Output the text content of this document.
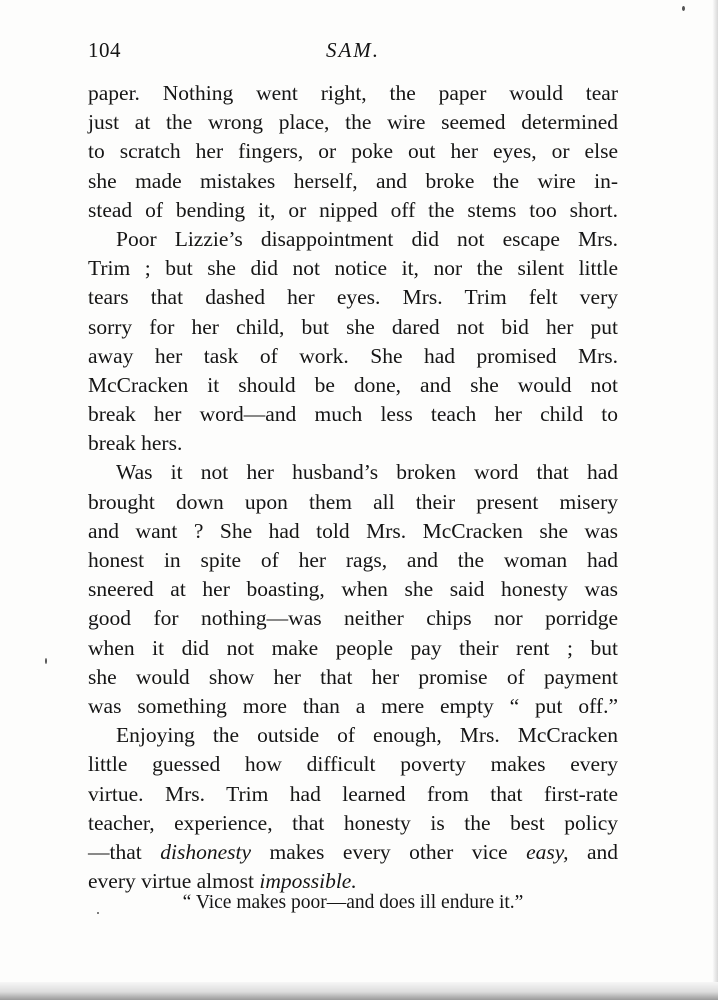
104	SAM.
paper. Nothing went right, the paper would tear
just at the wrong place, the wire seemed determined
to scratch her fingers, or poke out her eyes, or else
she made mistakes herself, and broke the wire in-
stead of bending it, or nipped off the stems too short.
Poor Lizzie’s disappointment did not escape Mrs.
Trim ; but she did not notice it, nor the silent little
tears that dashed her eyes. Mrs. Trim felt very
sorry for her child, but she dared not bid her put
away her task of work. She had promised Mrs.
McCracken it should be done, and she would not
break her word—and much less teach her child to
break hers.
Was it not her husband’s broken word that had
brought down upon them all their present misery
and want ? She had told Mrs. McCracken she was
honest in spite of her rags, and the woman had
sneered at her boasting, when she said honesty was
good for nothing—was neither chips nor porridge
when it did not make people pay their rent ; but
she would show her that her promise of payment
was something more than a mere empty “ put off.”
Enjoying the outside of enough, Mrs. McCracken
little guessed how difficult poverty makes every
virtue. Mrs. Trim had learned from that first-rate
teacher, experience, that honesty is the best policy
—that dishonesty makes every other vice easy, and
every virtue almost impossible.
“ Vice makes poor—and does ill endure it.”
